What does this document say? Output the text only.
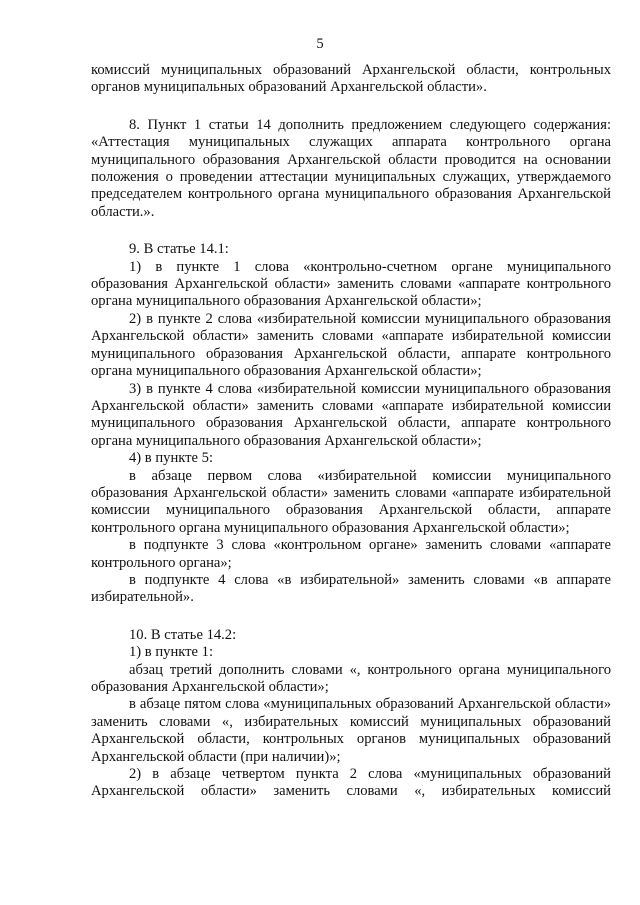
5

комиссий муниципальных образований Архангельской области, контрольных органов муниципальных образований Архангельской области».

8. Пункт 1 статьи 14 дополнить предложением следующего содержания: «Аттестация муниципальных служащих аппарата контрольного органа муниципального образования Архангельской области проводится на основании положения о проведении аттестации муниципальных служащих, утверждаемого председателем контрольного органа муниципального образования Архангельской области.».

9. В статье 14.1:

1) в пункте 1 слова «контрольно-счетном органе муниципального образования Архангельской области» заменить словами «аппарате контрольного органа муниципального образования Архангельской области»;

2) в пункте 2 слова «избирательной комиссии муниципального образования Архангельской области» заменить словами «аппарате избирательной комиссии муниципального образования Архангельской области, аппарате контрольного органа муниципального образования Архангельской области»;

3) в пункте 4 слова «избирательной комиссии муниципального образования Архангельской области» заменить словами «аппарате избирательной комиссии муниципального образования Архангельской области, аппарате контрольного органа муниципального образования Архангельской области»;

4) в пункте 5:

в абзаце первом слова «избирательной комиссии муниципального образования Архангельской области» заменить словами «аппарате избирательной комиссии муниципального образования Архангельской области, аппарате контрольного органа муниципального образования Архангельской области»;

в подпункте 3 слова «контрольном органе» заменить словами «аппарате контрольного органа»;

в подпункте 4 слова «в избирательной» заменить словами «в аппарате избирательной».

10. В статье 14.2:

1) в пункте 1:

абзац третий дополнить словами «, контрольного органа муниципального образования Архангельской области»;

в абзаце пятом слова «муниципальных образований Архангельской области» заменить словами «, избирательных комиссий муниципальных образований Архангельской области, контрольных органов муниципальных образований Архангельской области (при наличии)»;

2) в абзаце четвертом пункта 2 слова «муниципальных образований Архангельской области» заменить словами «, избирательных комиссий
